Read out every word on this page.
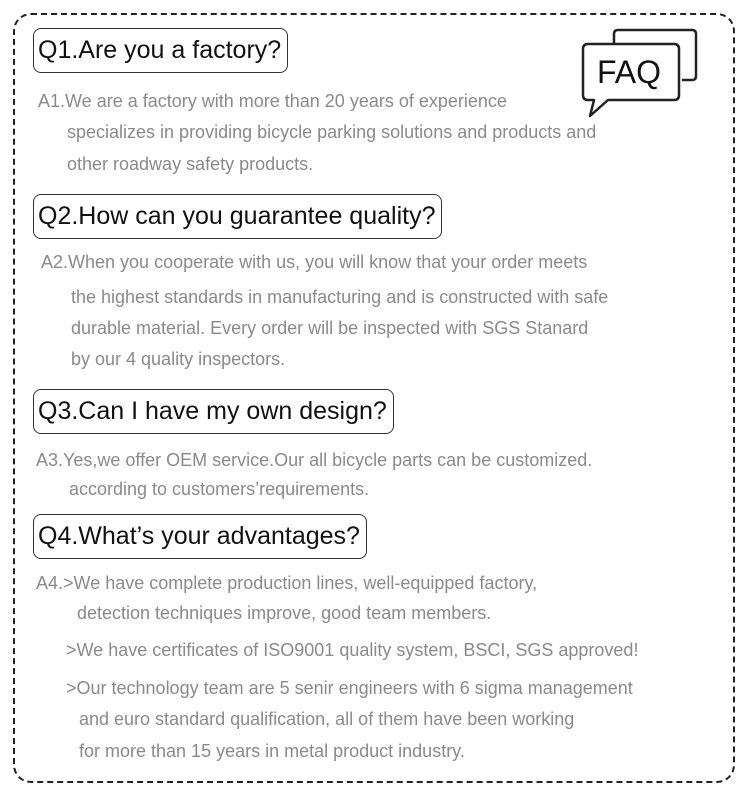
FAQ
Q1.Are you a factory?
A1.We are a factory with more than 20 years of experience
specializes in providing bicycle parking solutions and products and
other roadway safety products.
Q2.How can you guarantee quality?
A2.When you cooperate with us, you will know that your order meets
the highest standards in manufacturing and is constructed with safe
durable material. Every order will be inspected with SGS Stanard
by our 4 quality inspectors.
Q3.Can I have my own design?
A3.Yes,we offer OEM service.Our all bicycle parts can be customized.
according to customers’requirements.
Q4.What’s your advantages?
A4.>We have complete production lines, well-equipped factory,
detection techniques improve, good team members.
>We have certificates of ISO9001 quality system, BSCI, SGS approved!
>Our technology team are 5 senir engineers with 6 sigma management
and euro standard qualification, all of them have been working
for more than 15 years in metal product industry.
